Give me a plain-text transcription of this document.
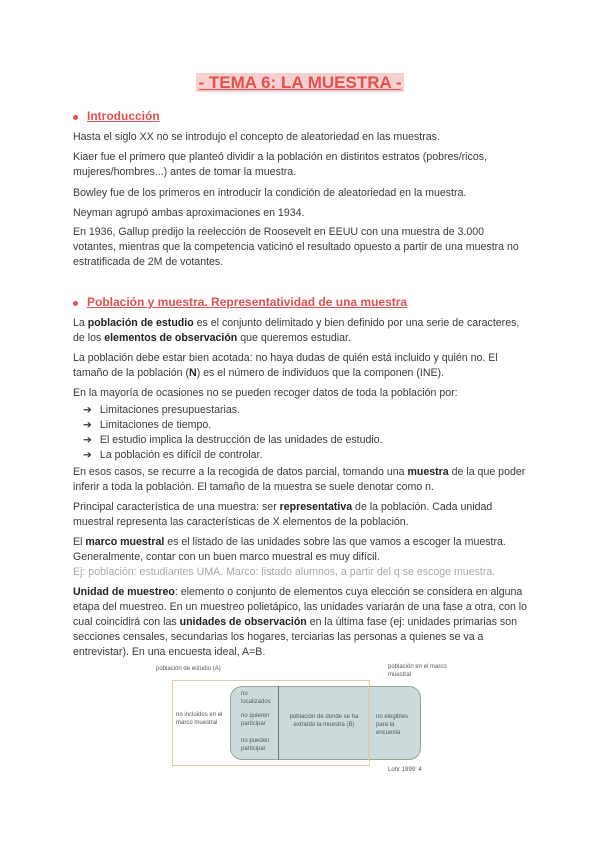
- TEMA 6: LA MUESTRA -
Introducción

Hasta el siglo XX no se introdujo el concepto de aleatoriedad en las muestras.

Kiaer fue el primero que planteó dividir a la población en distintos estratos (pobres/ricos, mujeres/hombres...) antes de tomar la muestra.

Bowley fue de los primeros en introducir la condición de aleatoriedad en la muestra.

Neyman agrupó ambas aproximaciones en 1934.

En 1936, Gallup predijo la reelección de Roosevelt en EEUU con una muestra de 3.000 votantes, mientras que la competencia vaticinó el resultado opuesto a partir de una muestra no estratificada de 2M de votantes.

Población y muestra. Representatividad de una muestra

La población de estudio es el conjunto delimitado y bien definido por una serie de caracteres, de los elementos de observación que queremos estudiar.

La población debe estar bien acotada: no haya dudas de quién está incluido y quién no. El tamaño de la población (N) es el número de individuos que la componen (INE).

En la mayoría de ocasiones no se pueden recoger datos de toda la población por:

➔ Limitaciones presupuestarias.
➔ Limitaciones de tiempo.
➔ El estudio implica la destrucción de las unidades de estudio.
➔ La población es difícil de controlar.

En esos casos, se recurre a la recogida de datos parcial, tomando una muestra de la que poder inferir a toda la población. El tamaño de la muestra se suele denotar como n.

Principal característica de una muestra: ser representativa de la población. Cada unidad muestral representa las características de X elementos de la población.

El marco muestral es el listado de las unidades sobre las que vamos a escoger la muestra. Generalmente, contar con un buen marco muestral es muy difícil.
Ej: población: estudiantes UMA. Marco: listado alumnos, a partir del q se escoge muestra.

Unidad de muestreo: elemento o conjunto de elementos cuya elección se considera en alguna etapa del muestreo. En un muestreo polietápico, las unidades variarán de una fase a otra, con lo cual coincidirá con las unidades de observación en la última fase (ej: unidades primarias son secciones censales, secundarias los hogares, terciarias las personas a quienes se va a entrevistar). En una encuesta ideal, A=B.

población de estudio (A)	población en el marco muestral
no incluidos en el marco muestral
no localizados
no quieren participar
no pueden participar
población de donde se ha extraído la muestra (B)
no elegibles para la encuesta
Lohr 1999: 4
